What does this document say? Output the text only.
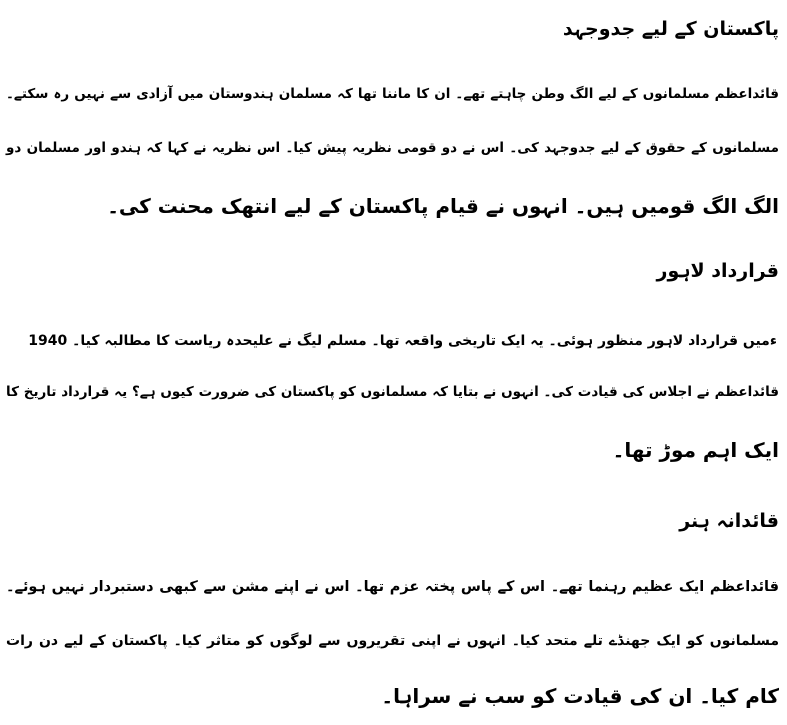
پاکستان کے لیے جدوجہد
قائداعظم مسلمانوں کے لیے الگ وطن چاہتے تھے۔ ان کا ماننا تھا کہ مسلمان ہندوستان میں آزادی سے نہیں رہ سکتے۔
مسلمانوں کے حقوق کے لیے جدوجہد کی۔ اس نے دو قومی نظریہ پیش کیا۔ اس نظریہ نے کہا کہ ہندو اور مسلمان دو
الگ الگ قومیں ہیں۔ انہوں نے قیام پاکستان کے لیے انتھک محنت کی۔
قرارداد لاہور
ءمیں قرارداد لاہور منظور ہوئی۔ یہ ایک تاریخی واقعہ تھا۔ مسلم لیگ نے علیحدہ ریاست کا مطالبہ کیا۔ 1940
قائداعظم نے اجلاس کی قیادت کی۔ انہوں نے بتایا کہ مسلمانوں کو پاکستان کی ضرورت کیوں ہے؟ یہ قرارداد تاریخ کا
ایک اہم موڑ تھا۔
قائدانہ ہنر
قائداعظم ایک عظیم رہنما تھے۔ اس کے پاس پختہ عزم تھا۔ اس نے اپنے مشن سے کبھی دستبردار نہیں ہوئے۔
مسلمانوں کو ایک جھنڈے تلے متحد کیا۔ انہوں نے اپنی تقریروں سے لوگوں کو متاثر کیا۔ پاکستان کے لیے دن رات
کام کیا۔ ان کی قیادت کو سب نے سراہا۔
